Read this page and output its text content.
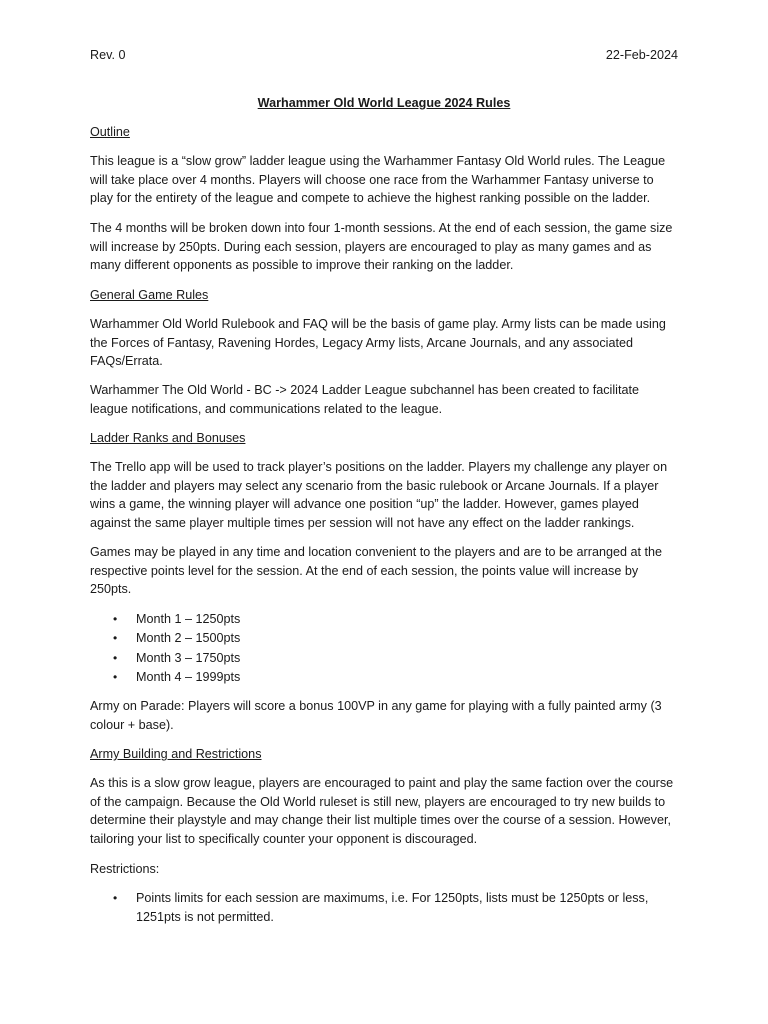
Rev. 0	22-Feb-2024
Warhammer Old World League 2024 Rules
Outline

This league is a “slow grow” ladder league using the Warhammer Fantasy Old World rules. The League will take place over 4 months. Players will choose one race from the Warhammer Fantasy universe to play for the entirety of the league and compete to achieve the highest ranking possible on the ladder.

The 4 months will be broken down into four 1-month sessions. At the end of each session, the game size will increase by 250pts. During each session, players are encouraged to play as many games and as many different opponents as possible to improve their ranking on the ladder.

General Game Rules

Warhammer Old World Rulebook and FAQ will be the basis of game play. Army lists can be made using the Forces of Fantasy, Ravening Hordes, Legacy Army lists, Arcane Journals, and any associated FAQs/Errata.

Warhammer The Old World - BC -> 2024 Ladder League subchannel has been created to facilitate league notifications, and communications related to the league.

Ladder Ranks and Bonuses

The Trello app will be used to track player’s positions on the ladder. Players my challenge any player on the ladder and players may select any scenario from the basic rulebook or Arcane Journals. If a player wins a game, the winning player will advance one position “up” the ladder. However, games played against the same player multiple times per session will not have any effect on the ladder rankings.

Games may be played in any time and location convenient to the players and are to be arranged at the respective points level for the session. At the end of each session, the points value will increase by 250pts.

• Month 1 – 1250pts
• Month 2 – 1500pts
• Month 3 – 1750pts
• Month 4 – 1999pts

Army on Parade: Players will score a bonus 100VP in any game for playing with a fully painted army (3 colour + base).

Army Building and Restrictions

As this is a slow grow league, players are encouraged to paint and play the same faction over the course of the campaign. Because the Old World ruleset is still new, players are encouraged to try new builds to determine their playstyle and may change their list multiple times over the course of a session. However, tailoring your list to specifically counter your opponent is discouraged.

Restrictions:

• Points limits for each session are maximums, i.e. For 1250pts, lists must be 1250pts or less, 1251pts is not permitted.
